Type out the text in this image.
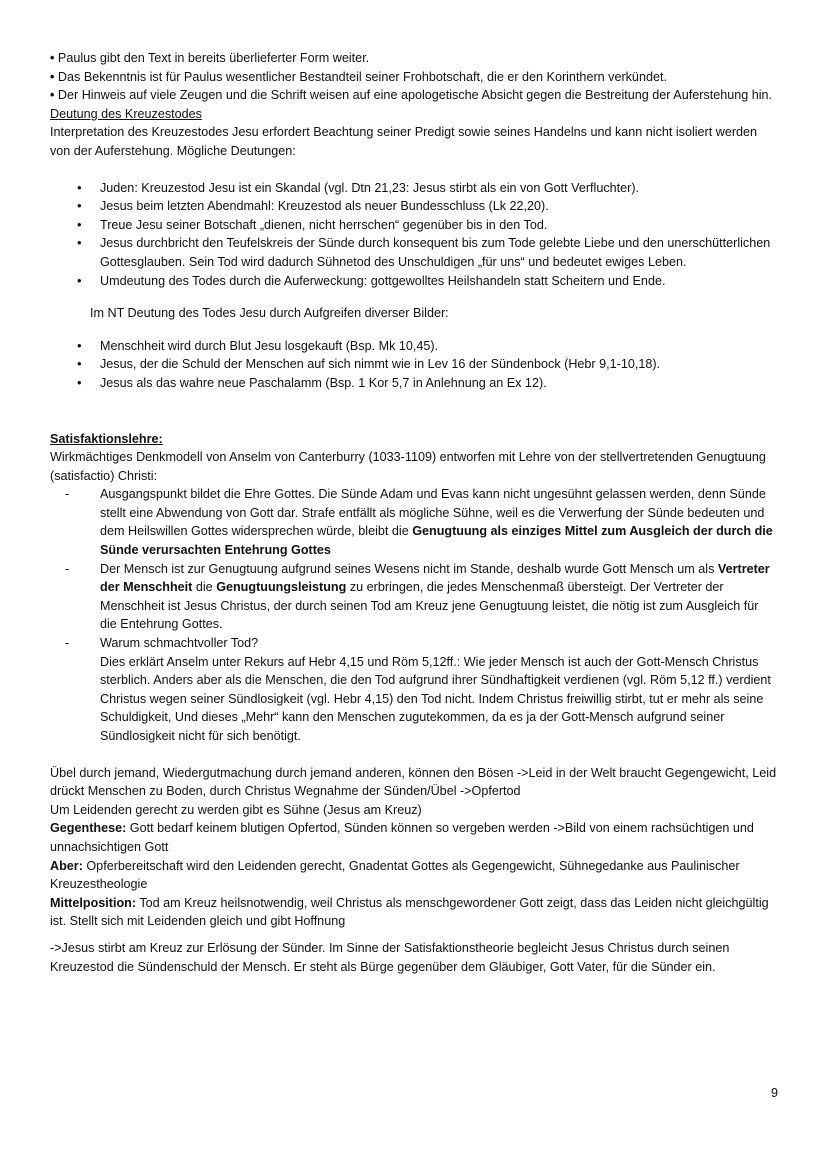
• Paulus gibt den Text in bereits überlieferter Form weiter.

• Das Bekenntnis ist für Paulus wesentlicher Bestandteil seiner Frohbotschaft, die er den Korinthern verkündet.

• Der Hinweis auf viele Zeugen und die Schrift weisen auf eine apologetische Absicht gegen die Bestreitung der Auferstehung hin.

Deutung des Kreuzestodes

Interpretation des Kreuzestodes Jesu erfordert Beachtung seiner Predigt sowie seines Handelns und kann nicht isoliert werden von der Auferstehung. Mögliche Deutungen:

• Juden: Kreuzestod Jesu ist ein Skandal (vgl. Dtn 21,23: Jesus stirbt als ein von Gott Verfluchter).
• Jesus beim letzten Abendmahl: Kreuzestod als neuer Bundesschluss (Lk 22,20).
• Treue Jesu seiner Botschaft „dienen, nicht herrschen“ gegenüber bis in den Tod.
• Jesus durchbricht den Teufelskreis der Sünde durch konsequent bis zum Tode gelebte Liebe und den unerschütterlichen Gottesglauben. Sein Tod wird dadurch Sühnetod des Unschuldigen „für uns“ und bedeutet ewiges Leben.
• Umdeutung des Todes durch die Auferweckung: gottgewolltes Heilshandeln statt Scheitern und Ende.

Im NT Deutung des Todes Jesu durch Aufgreifen diverser Bilder:

• Menschheit wird durch Blut Jesu losgekauft (Bsp. Mk 10,45).
• Jesus, der die Schuld der Menschen auf sich nimmt wie in Lev 16 der Sündenbock (Hebr 9,1-10,18).
• Jesus als das wahre neue Paschalamm (Bsp. 1 Kor 5,7 in Anlehnung an Ex 12).

Satisfaktionslehre:

Wirkmächtiges Denkmodell von Anselm von Canterburry (1033-1109) entworfen mit Lehre von der stellvertretenden Genugtuung (satisfactio) Christi:

- Ausgangspunkt bildet die Ehre Gottes. Die Sünde Adam und Evas kann nicht ungesühnt gelassen werden, denn Sünde stellt eine Abwendung von Gott dar. Strafe entfällt als mögliche Sühne, weil es die Verwerfung der Sünde bedeuten und dem Heilswillen Gottes widersprechen würde, bleibt die Genugtuung als einziges Mittel zum Ausgleich der durch die Sünde verursachten Entehrung Gottes
- Der Mensch ist zur Genugtuung aufgrund seines Wesens nicht im Stande, deshalb wurde Gott Mensch um als Vertreter der Menschheit die Genugtuungsleistung zu erbringen, die jedes Menschenmaß übersteigt. Der Vertreter der Menschheit ist Jesus Christus, der durch seinen Tod am Kreuz jene Genugtuung leistet, die nötig ist zum Ausgleich für die Entehrung Gottes.
- Warum schmachtvoller Tod?
Dies erklärt Anselm unter Rekurs auf Hebr 4,15 und Röm 5,12ff.: Wie jeder Mensch ist auch der Gott-Mensch Christus sterblich. Anders aber als die Menschen, die den Tod aufgrund ihrer Sündhaftigkeit verdienen (vgl. Röm 5,12 ff.) verdient Christus wegen seiner Sündlosigkeit (vgl. Hebr 4,15) den Tod nicht. Indem Christus freiwillig stirbt, tut er mehr als seine Schuldigkeit, Und dieses „Mehr“ kann den Menschen zugutekommen, da es ja der Gott-Mensch aufgrund seiner Sündlosigkeit nicht für sich benötigt.

Übel durch jemand, Wiedergutmachung durch jemand anderen, können den Bösen ->Leid in der Welt braucht Gegengewicht, Leid drückt Menschen zu Boden, durch Christus Wegnahme der Sünden/Übel ->Opfertod

Um Leidenden gerecht zu werden gibt es Sühne (Jesus am Kreuz)

Gegenthese: Gott bedarf keinem blutigen Opfertod, Sünden können so vergeben werden ->Bild von einem rachsüchtigen und unnachsichtigen Gott

Aber: Opferbereitschaft wird den Leidenden gerecht, Gnadentat Gottes als Gegengewicht, Sühnegedanke aus Paulinischer Kreuzestheologie

Mittelposition: Tod am Kreuz heilsnotwendig, weil Christus als menschgewordener Gott zeigt, dass das Leiden nicht gleichgültig ist. Stellt sich mit Leidenden gleich und gibt Hoffnung

->Jesus stirbt am Kreuz zur Erlösung der Sünder. Im Sinne der Satisfaktionstheorie begleicht Jesus Christus durch seinen Kreuzestod die Sündenschuld der Mensch. Er steht als Bürge gegenüber dem Gläubiger, Gott Vater, für die Sünder ein.

9
